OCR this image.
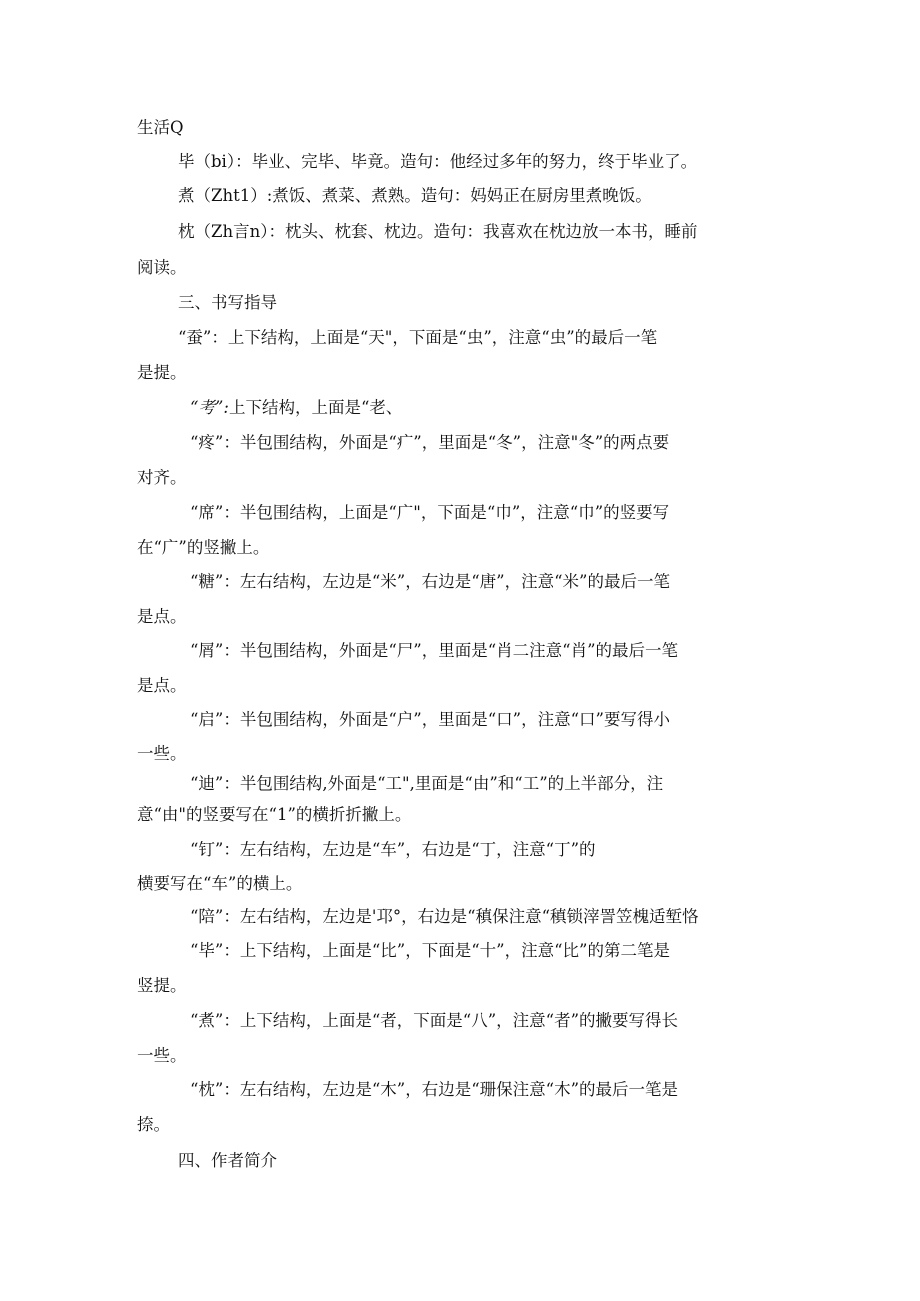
生活Q
毕（bi）：毕业、完毕、毕竟。造句：他经过多年的努力，终于毕业了。
煮（Zht1）:煮饭、煮菜、煮熟。造句：妈妈正在厨房里煮晚饭。
枕（Zh言n）：枕头、枕套、枕边。造句：我喜欢在枕边放一本书，睡前
阅读。
三、书写指导
“蚕”：上下结构，上面是“天"，下面是“虫”，注意“虫”的最后一笔
是提。
“考”:上下结构，上面是“老、
“疼”：半包围结构，外面是“疒”，里面是“冬”，注意"冬”的两点要
对齐。
“席”：半包围结构，上面是“广"，下面是“巾”，注意“巾”的竖要写
在“广”的竖撇上。
“糖”：左右结构，左边是“米”，右边是“唐”，注意“米”的最后一笔
是点。
“屑”：半包围结构，外面是“尸”，里面是“肖二注意“肖”的最后一笔
是点。
“启”：半包围结构，外面是“户”，里面是“口”，注意“口”要写得小
一些。
“迪”：半包围结构,外面是“工",里面是“由”和“工”的上半部分，注
意“由"的竖要写在“1”的横折折撇上。
“钉”：左右结构，左边是“车”，右边是“丁，注意“丁”的
横要写在“车”的横上。
“陪”：左右结构，左边是'邛°，右边是“稹保注意“稹锁滓詈笠槐适堑恪
“毕”：上下结构，上面是“比”，下面是“十”，注意“比”的第二笔是
竖提。
“煮”：上下结构，上面是“者，下面是“八”，注意“者”的撇要写得长
一些。
“枕”：左右结构，左边是“木”，右边是“珊保注意“木”的最后一笔是
捺。
四、作者简介
